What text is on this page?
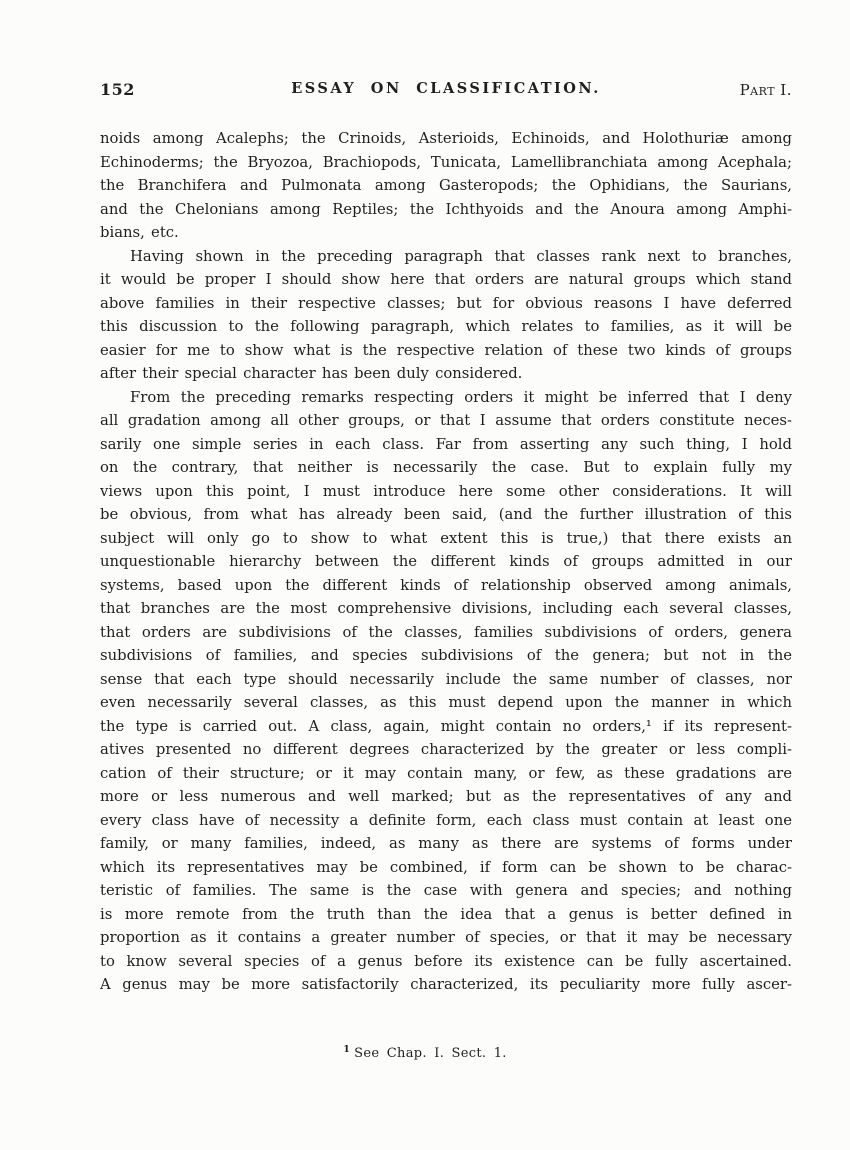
152	ESSAY ON CLASSIFICATION.	Part I.
noids among Acalephs; the Crinoids, Asterioids, Echinoids, and Holothuriæ among
Echinoderms; the Bryozoa, Brachiopods, Tunicata, Lamellibranchiata among Acephala;
the Branchifera and Pulmonata among Gasteropods; the Ophidians, the Saurians,
and the Chelonians among Reptiles; the Ichthyoids and the Anoura among Amphi-
bians, etc.
Having shown in the preceding paragraph that classes rank next to branches,
it would be proper I should show here that orders are natural groups which stand
above families in their respective classes; but for obvious reasons I have deferred
this discussion to the following paragraph, which relates to families, as it will be
easier for me to show what is the respective relation of these two kinds of groups
after their special character has been duly considered.
From the preceding remarks respecting orders it might be inferred that I deny
all gradation among all other groups, or that I assume that orders constitute neces-
sarily one simple series in each class. Far from asserting any such thing, I hold
on the contrary, that neither is necessarily the case. But to explain fully my
views upon this point, I must introduce here some other considerations. It will
be obvious, from what has already been said, (and the further illustration of this
subject will only go to show to what extent this is true,) that there exists an
unquestionable hierarchy between the different kinds of groups admitted in our
systems, based upon the different kinds of relationship observed among animals,
that branches are the most comprehensive divisions, including each several classes,
that orders are subdivisions of the classes, families subdivisions of orders, genera
subdivisions of families, and species subdivisions of the genera; but not in the
sense that each type should necessarily include the same number of classes, nor
even necessarily several classes, as this must depend upon the manner in which
the type is carried out. A class, again, might contain no orders,¹ if its represent-
atives presented no different degrees characterized by the greater or less compli-
cation of their structure; or it may contain many, or few, as these gradations are
more or less numerous and well marked; but as the representatives of any and
every class have of necessity a definite form, each class must contain at least one
family, or many families, indeed, as many as there are systems of forms under
which its representatives may be combined, if form can be shown to be charac-
teristic of families. The same is the case with genera and species; and nothing
is more remote from the truth than the idea that a genus is better defined in
proportion as it contains a greater number of species, or that it may be necessary
to know several species of a genus before its existence can be fully ascertained.
A genus may be more satisfactorily characterized, its peculiarity more fully ascer-
$^1$ See Chap. I. Sect. 1.
